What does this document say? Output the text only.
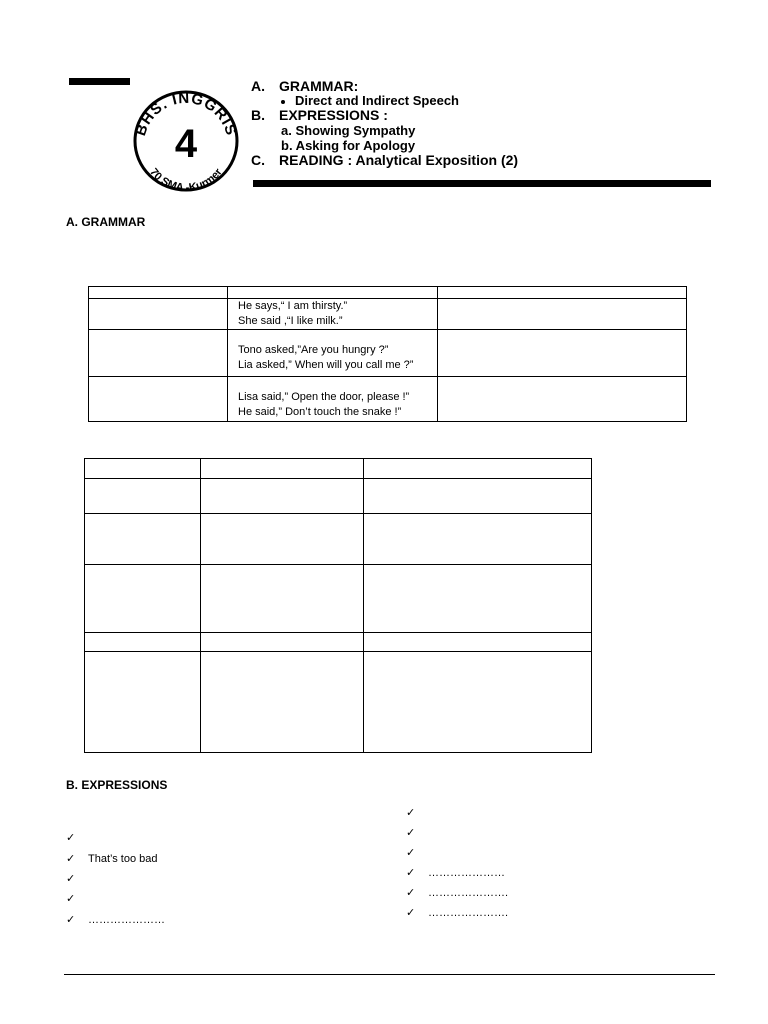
BHS. INGGRIS
4
70 SMA -Kurmer
A. GRAMMAR:
Direct and Indirect Speech
B. EXPRESSIONS :
a. Showing Sympathy
b. Asking for Apology
C. READING : Analytical Exposition (2)
A. GRAMMAR

	He says,“ I am thirsty.”
She said ,“I like milk.”	

	Tono asked,”Are you hungry ?”
Lia asked,” When will you call me ?”	

	Lisa said,” Open the door, please !”
He said,” Don’t touch the snake !”	

B. EXPRESSIONS
✓
✓ That’s too bad
✓
✓
✓ …………………
✓
✓
✓
✓ …………………
✓ ………………….
✓ ………………….
